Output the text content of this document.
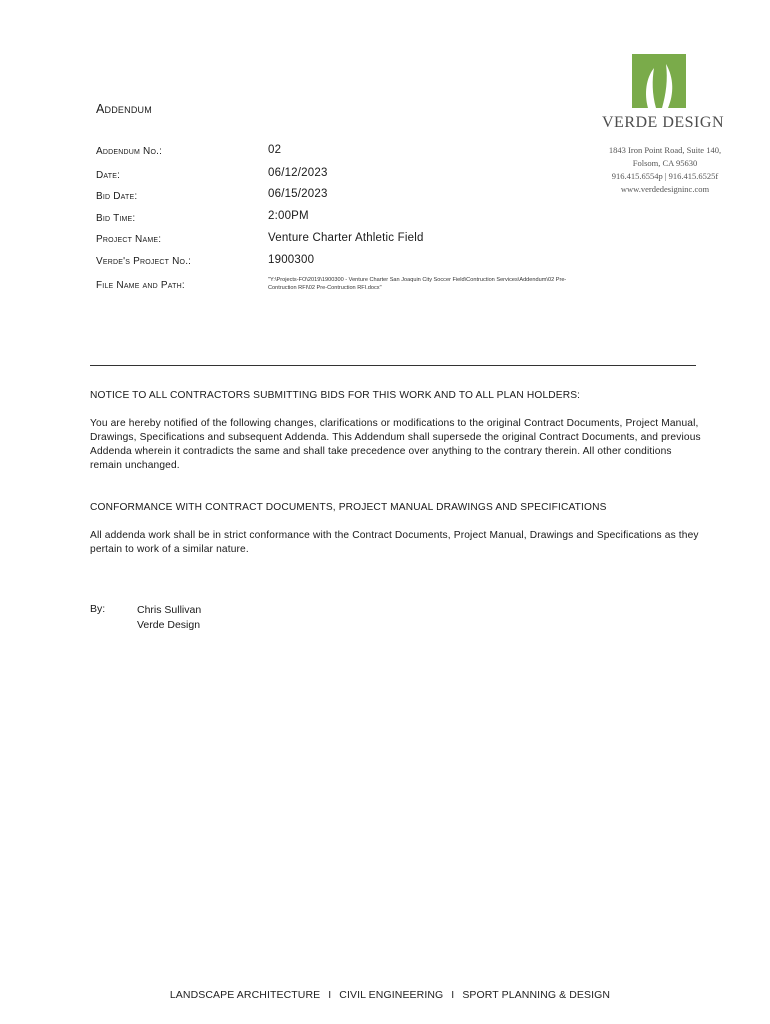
VERDE DESIGN
1843 Iron Point Road, Suite 140,
Folsom, CA 95630
916.415.6554p | 916.415.6525f
www.verdedesigninc.com
Addendum
Addendum No.:	02
Date:	06/12/2023
Bid Date:	06/15/2023
Bid Time:	2:00PM
Project Name:	Venture Charter Athletic Field
Verde's Project No.:	1900300
File Name and Path:	"Y:\Projects-FO\2019\1900300 - Venture Charter San Joaquin City Soccer Field\Contruction Services\Addendum\02 Pre-Contruction RFI\02 Pre-Contruction RFI.docx"
NOTICE TO ALL CONTRACTORS SUBMITTING BIDS FOR THIS WORK AND TO ALL PLAN HOLDERS:
You are hereby notified of the following changes, clarifications or modifications to the original Contract Documents, Project Manual, Drawings, Specifications and subsequent Addenda. This Addendum shall supersede the original Contract Documents, and previous Addenda wherein it contradicts the same and shall take precedence over anything to the contrary therein. All other conditions remain unchanged.
CONFORMANCE WITH CONTRACT DOCUMENTS, PROJECT MANUAL DRAWINGS AND SPECIFICATIONS
All addenda work shall be in strict conformance with the Contract Documents, Project Manual, Drawings and Specifications as they pertain to work of a similar nature.
By:	Chris Sullivan
Verde Design
LANDSCAPE ARCHITECTURE I CIVIL ENGINEERING I SPORT PLANNING & DESIGN
